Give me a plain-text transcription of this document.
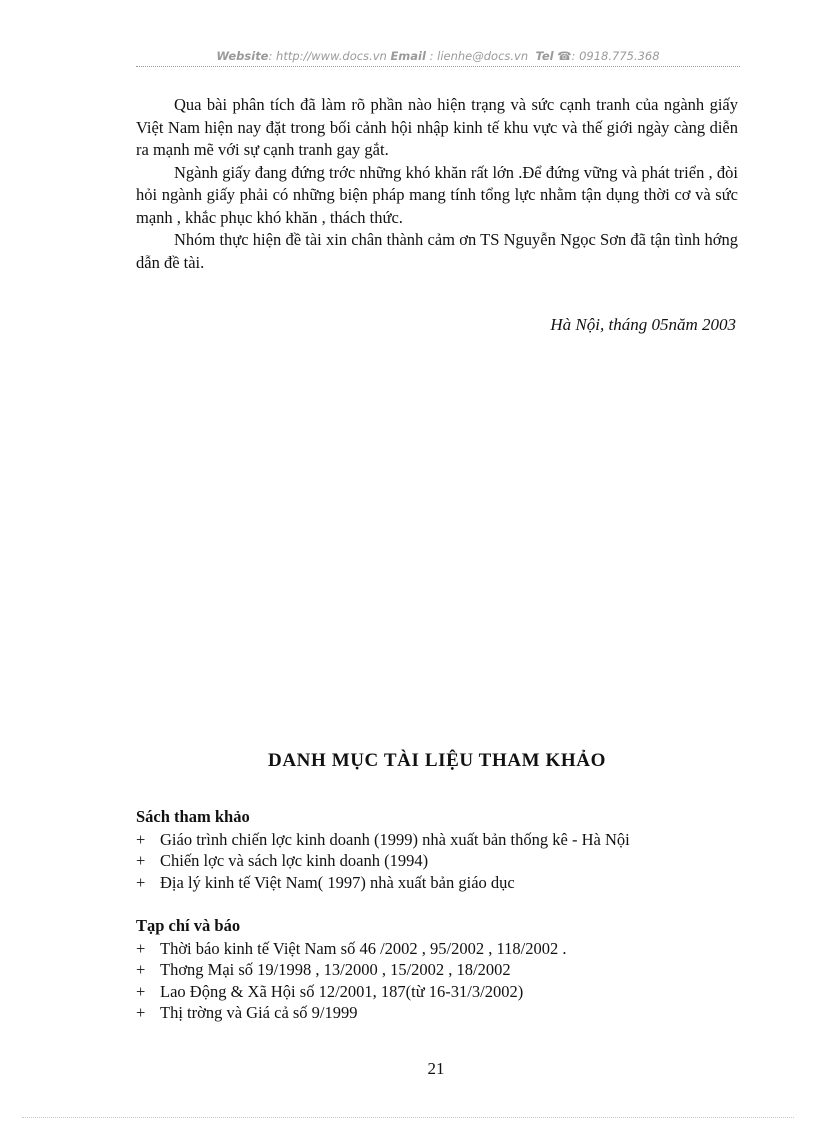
Website: http://www.docs.vn Email : lienhe@docs.vn Tel ☎: 0918.775.368

Qua bài phân tích đã làm rõ phần nào hiện trạng và sức cạnh tranh của ngành giấy Việt Nam hiện nay đặt trong bối cảnh hội nhập kinh tế khu vực và thế giới ngày càng diễn ra mạnh mẽ với sự cạnh tranh gay gắt.

Ngành giấy đang đứng trớc những khó khăn rất lớn .Để đứng vững và phát triển , đòi hỏi ngành giấy phải có những biện pháp mang tính tổng lực nhằm tận dụng thời cơ và sức mạnh , khắc phục khó khăn , thách thức.

Nhóm thực hiện đề tài xin chân thành cảm ơn TS Nguyễn Ngọc Sơn đã tận tình hớng dẫn đề tài.

Hà Nội, tháng 05năm 2003
DANH MỤC TÀI LIỆU THAM KHẢO
Sách tham khảo
+ Giáo trình chiến lợc kinh doanh (1999) nhà xuất bản thống kê - Hà Nội
+ Chiến lợc và sách lợc kinh doanh (1994)
+ Địa lý kinh tế Việt Nam( 1997) nhà xuất bản giáo dục
Tạp chí và báo
+ Thời báo kinh tế Việt Nam số 46 /2002 , 95/2002 , 118/2002 .
+ Thơng Mại số 19/1998 , 13/2000 , 15/2002 , 18/2002
+ Lao Động & Xã Hội số 12/2001, 187(từ 16-31/3/2002)
+ Thị trờng và Giá cả số 9/1999
21
